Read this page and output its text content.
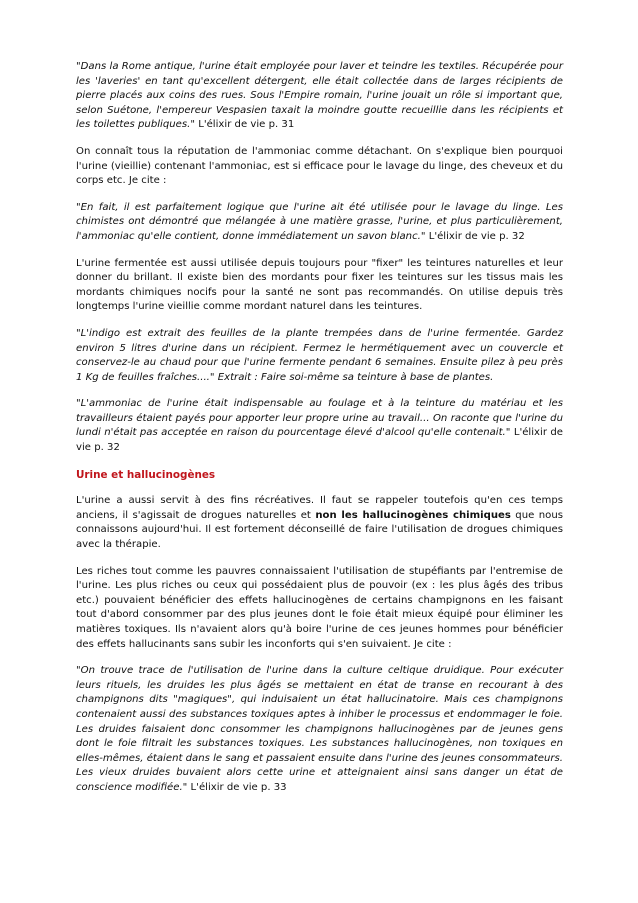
"Dans la Rome antique, l'urine était employée pour laver et teindre les textiles. Récupérée pour les 'laveries' en tant qu'excellent détergent, elle était collectée dans de larges récipients de pierre placés aux coins des rues. Sous l'Empire romain, l'urine jouait un rôle si important que, selon Suétone, l'empereur Vespasien taxait la moindre goutte recueillie dans les récipients et les toilettes publiques." L'élixir de vie p. 31

On connaît tous la réputation de l'ammoniac comme détachant. On s'explique bien pourquoi l'urine (vieillie) contenant l'ammoniac, est si efficace pour le lavage du linge, des cheveux et du corps etc. Je cite :

"En fait, il est parfaitement logique que l'urine ait été utilisée pour le lavage du linge. Les chimistes ont démontré que mélangée à une matière grasse, l'urine, et plus particulièrement, l'ammoniac qu'elle contient, donne immédiatement un savon blanc." L'élixir de vie p. 32

L'urine fermentée est aussi utilisée depuis toujours pour "fixer" les teintures naturelles et leur donner du brillant. Il existe bien des mordants pour fixer les teintures sur les tissus mais les mordants chimiques nocifs pour la santé ne sont pas recommandés. On utilise depuis très longtemps l'urine vieillie comme mordant naturel dans les teintures.

"L'indigo est extrait des feuilles de la plante trempées dans de l'urine fermentée. Gardez environ 5 litres d'urine dans un récipient. Fermez le hermétiquement avec un couvercle et conservez-le au chaud pour que l'urine fermente pendant 6 semaines. Ensuite pilez à peu près 1 Kg de feuilles fraîches...." Extrait : Faire soi-même sa teinture à base de plantes.

"L'ammoniac de l'urine était indispensable au foulage et à la teinture du matériau et les travailleurs étaient payés pour apporter leur propre urine au travail... On raconte que l'urine du lundi n'était pas acceptée en raison du pourcentage élevé d'alcool qu'elle contenait." L'élixir de vie p. 32

Urine et hallucinogènes

L'urine a aussi servit à des fins récréatives. Il faut se rappeler toutefois qu'en ces temps anciens, il s'agissait de drogues naturelles et non les hallucinogènes chimiques que nous connaissons aujourd'hui. Il est fortement déconseillé de faire l'utilisation de drogues chimiques avec la thérapie.

Les riches tout comme les pauvres connaissaient l'utilisation de stupéfiants par l'entremise de l'urine. Les plus riches ou ceux qui possédaient plus de pouvoir (ex : les plus âgés des tribus etc.) pouvaient bénéficier des effets hallucinogènes de certains champignons en les faisant tout d'abord consommer par des plus jeunes dont le foie était mieux équipé pour éliminer les matières toxiques. Ils n'avaient alors qu'à boire l'urine de ces jeunes hommes pour bénéficier des effets hallucinants sans subir les inconforts qui s'en suivaient. Je cite :

"On trouve trace de l'utilisation de l'urine dans la culture celtique druidique. Pour exécuter leurs rituels, les druides les plus âgés se mettaient en état de transe en recourant à des champignons dits "magiques", qui induisaient un état hallucinatoire. Mais ces champignons contenaient aussi des substances toxiques aptes à inhiber le processus et endommager le foie. Les druides faisaient donc consommer les champignons hallucinogènes par de jeunes gens dont le foie filtrait les substances toxiques. Les substances hallucinogènes, non toxiques en elles-mêmes, étaient dans le sang et passaient ensuite dans l'urine des jeunes consommateurs. Les vieux druides buvaient alors cette urine et atteignaient ainsi sans danger un état de conscience modifiée." L'élixir de vie p. 33
